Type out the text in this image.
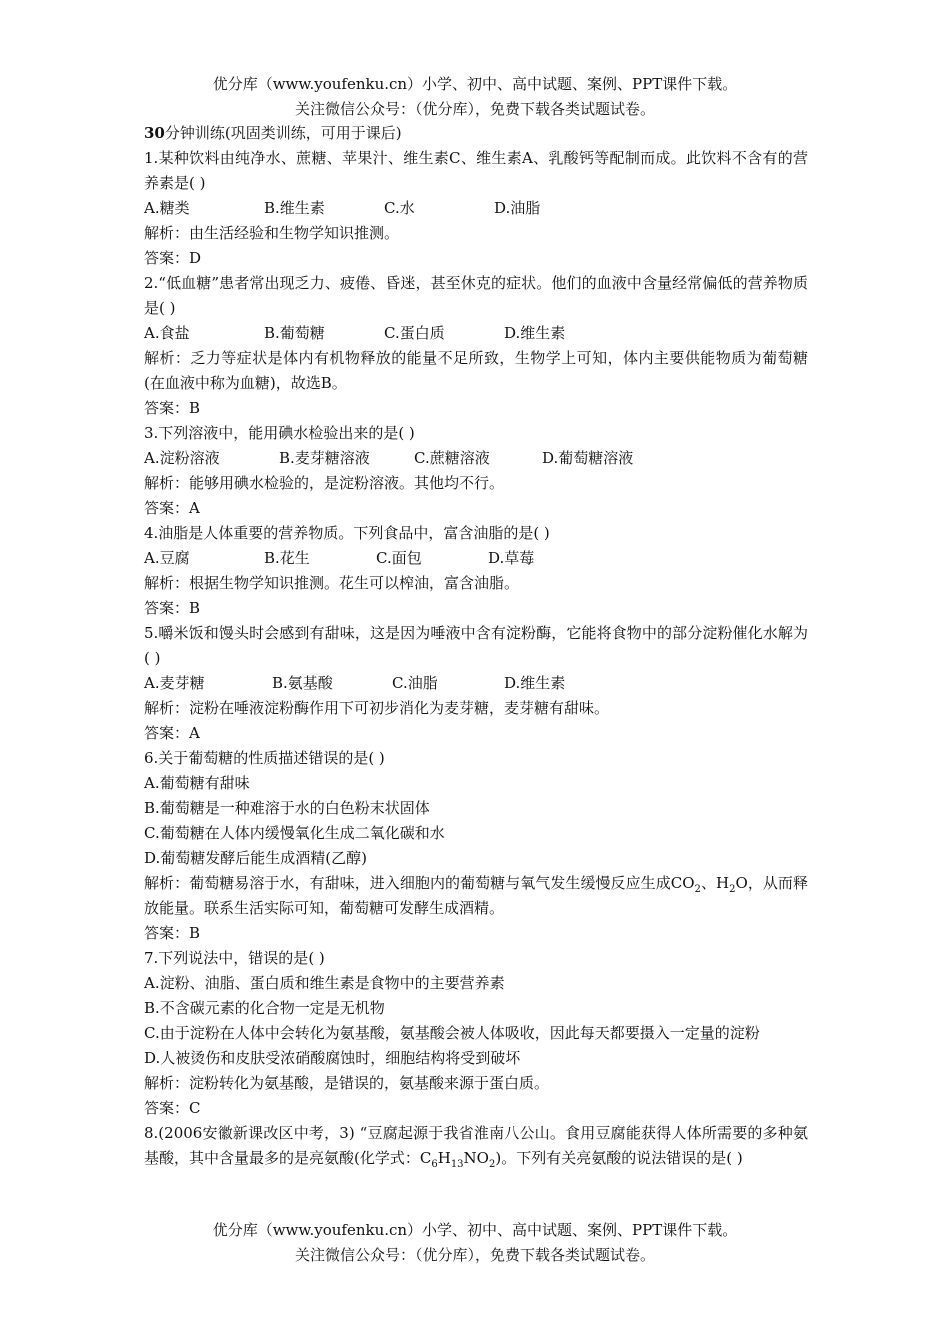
优分库（www.youfenku.cn）小学、初中、高中试题、案例、PPT课件下载。
关注微信公众号：（优分库），免费下载各类试题试卷。
30分钟训练(巩固类训练，可用于课后)
1.某种饮料由纯净水、蔗糖、苹果汁、维生素C、维生素A、乳酸钙等配制而成。此饮料不含有的营养素是( )
A.糖类	B.维生素	C.水	D.油脂
解析：由生活经验和生物学知识推测。
答案：D
2.“低血糖”患者常出现乏力、疲倦、昏迷，甚至休克的症状。他们的血液中含量经常偏低的营养物质是( )
A.食盐	B.葡萄糖	C.蛋白质	D.维生素
解析：乏力等症状是体内有机物释放的能量不足所致，生物学上可知，体内主要供能物质为葡萄糖(在血液中称为血糖)，故选B。
答案：B
3.下列溶液中，能用碘水检验出来的是( )
A.淀粉溶液	B.麦芽糖溶液	C.蔗糖溶液	D.葡萄糖溶液
解析：能够用碘水检验的，是淀粉溶液。其他均不行。
答案：A
4.油脂是人体重要的营养物质。下列食品中，富含油脂的是( )
A.豆腐	B.花生	C.面包	D.草莓
解析：根据生物学知识推测。花生可以榨油，富含油脂。
答案：B
5.嚼米饭和馒头时会感到有甜味，这是因为唾液中含有淀粉酶，它能将食物中的部分淀粉催化水解为( )
A.麦芽糖	B.氨基酸	C.油脂	D.维生素
解析：淀粉在唾液淀粉酶作用下可初步消化为麦芽糖，麦芽糖有甜味。
答案：A
6.关于葡萄糖的性质描述错误的是( )
A.葡萄糖有甜味
B.葡萄糖是一种难溶于水的白色粉末状固体
C.葡萄糖在人体内缓慢氧化生成二氧化碳和水
D.葡萄糖发酵后能生成酒精(乙醇)
解析：葡萄糖易溶于水，有甜味，进入细胞内的葡萄糖与氧气发生缓慢反应生成$CO_2$、$H_2O$，从而释放能量。联系生活实际可知，葡萄糖可发酵生成酒精。
答案：B
7.下列说法中，错误的是( )
A.淀粉、油脂、蛋白质和维生素是食物中的主要营养素
B.不含碳元素的化合物一定是无机物
C.由于淀粉在人体中会转化为氨基酸，氨基酸会被人体吸收，因此每天都要摄入一定量的淀粉
D.人被烫伤和皮肤受浓硝酸腐蚀时，细胞结构将受到破坏
解析：淀粉转化为氨基酸，是错误的，氨基酸来源于蛋白质。
答案：C
8.(2006安徽新课改区中考，3) “豆腐起源于我省淮南八公山。食用豆腐能获得人体所需要的多种氨基酸，其中含量最多的是亮氨酸(化学式：$C_6H_{13}NO_2$)。下列有关亮氨酸的说法错误的是( )
优分库（www.youfenku.cn）小学、初中、高中试题、案例、PPT课件下载。
关注微信公众号：（优分库），免费下载各类试题试卷。
